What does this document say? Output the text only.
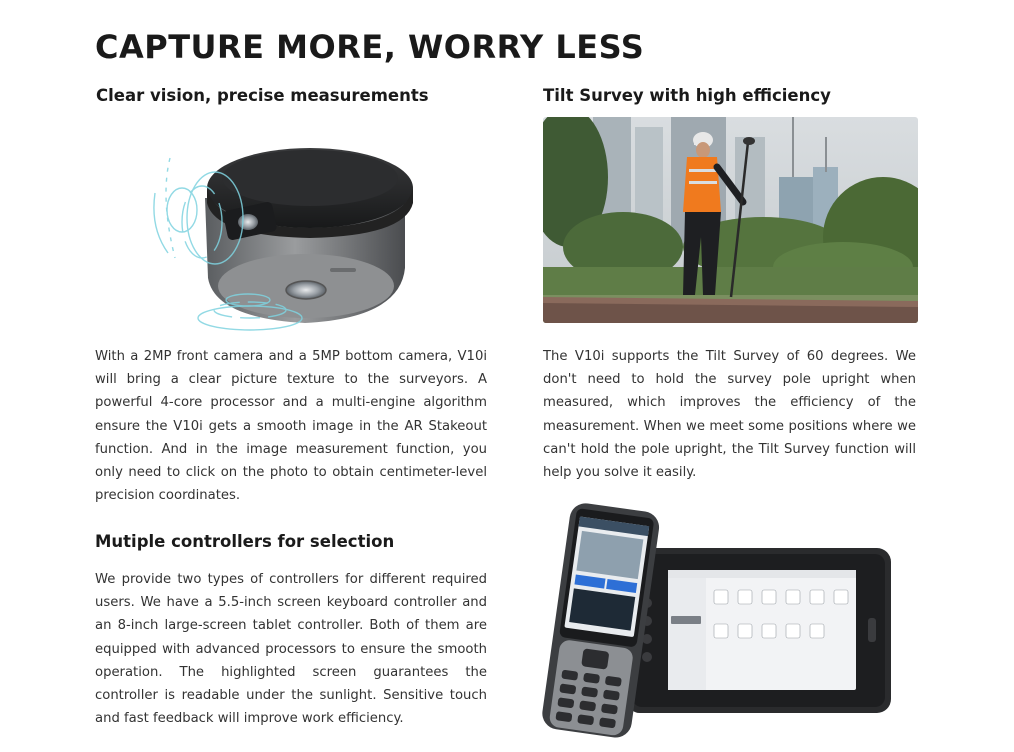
CAPTURE MORE, WORRY LESS
Clear vision, precise measurements

With a 2MP front camera and a 5MP bottom camera, V10i will bring a clear picture texture to the surveyors. A powerful 4-core processor and a multi-engine algorithm ensure the V10i gets a smooth image in the AR Stakeout function. And in the image measurement function, you only need to click on the photo to obtain centimeter-level precision coordinates.

Tilt Survey with high efficiency

The V10i supports the Tilt Survey of 60 degrees. We don't need to hold the survey pole upright when measured, which improves the efficiency of the measurement. When we meet some positions where we can't hold the pole upright, the Tilt Survey function will help you solve it easily.

Mutiple controllers for selection

We provide two types of controllers for different required users. We have a 5.5-inch screen keyboard controller and an 8-inch large-screen tablet controller. Both of them are equipped with advanced processors to ensure the smooth operation. The highlighted screen guarantees the controller is readable under the sunlight. Sensitive touch and fast feedback will improve work efficiency.
